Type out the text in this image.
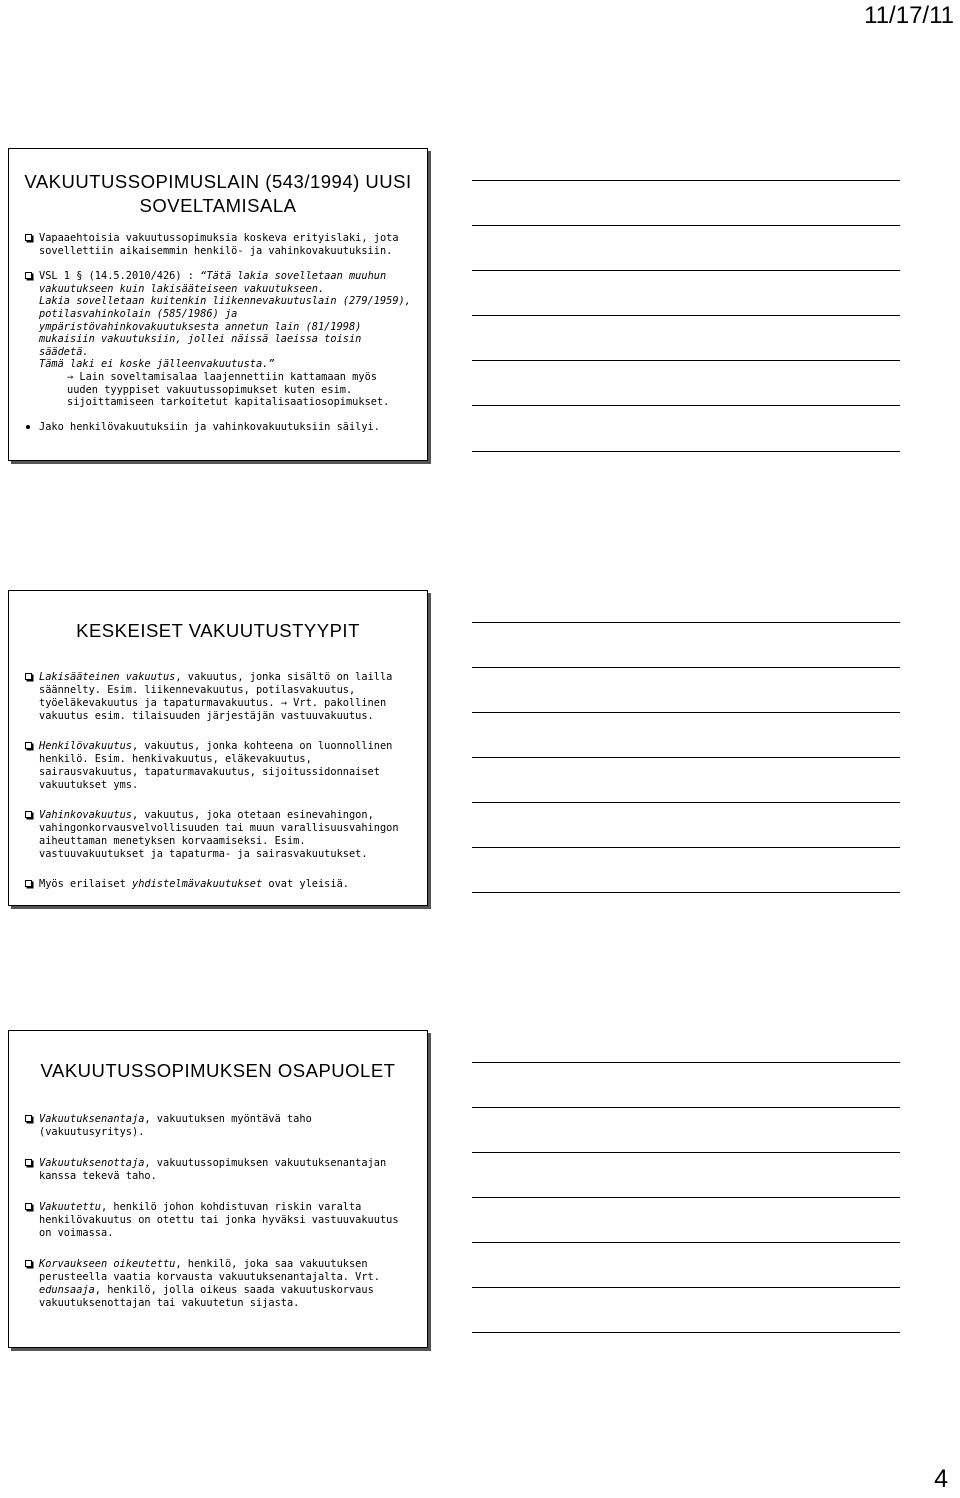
11/17/11
VAKUUTUSSOPIMUSLAIN (543/1994) UUSI SOVELTAMISALA
Vapaaehtoisia vakuutussopimuksia koskeva erityislaki, jota sovellettiin aikaisemmin henkilö- ja vahinkovakuutuksiin.
VSL 1 § (14.5.2010/426) : “Tätä lakia sovelletaan muuhun vakuutukseen kuin lakisääteiseen vakuutukseen.
Lakia sovelletaan kuitenkin liikennevakuutuslain (279/1959), potilasvahinkolain (585/1986) ja ympäristövahinkovakuutuksesta annetun lain (81/1998) mukaisiin vakuutuksiin, jollei näissä laeissa toisin säädetä.
Tämä laki ei koske jälleenvakuutusta.”
→ Lain soveltamisalaa laajennettiin kattamaan myös uuden tyyppiset vakuutussopimukset kuten esim. sijoittamiseen tarkoitetut kapitalisaatiosopimukset.
Jako henkilövakuutuksiin ja vahinkovakuutuksiin säilyi.
KESKEISET VAKUUTUSTYYPIT
Lakisääteinen vakuutus, vakuutus, jonka sisältö on lailla säännelty. Esim. liikennevakuutus, potilasvakuutus, työeläkevakuutus ja tapaturmavakuutus. → Vrt. pakollinen vakuutus esim. tilaisuuden järjestäjän vastuuvakuutus.
Henkilövakuutus, vakuutus, jonka kohteena on luonnollinen henkilö. Esim. henkivakuutus, eläkevakuutus, sairausvakuutus, tapaturmavakuutus, sijoitussidonnaiset vakuutukset yms.
Vahinkovakuutus, vakuutus, joka otetaan esinevahingon, vahingonkorvausvelvollisuuden tai muun varallisuusvahingon aiheuttaman menetyksen korvaamiseksi. Esim. vastuuvakuutukset ja tapaturma- ja sairasvakuutukset.
Myös erilaiset yhdistelmävakuutukset ovat yleisiä.
VAKUUTUSSOPIMUKSEN OSAPUOLET
Vakuutuksenantaja, vakuutuksen myöntävä taho (vakuutusyritys).
Vakuutuksenottaja, vakuutussopimuksen vakuutuksenantajan kanssa tekevä taho.
Vakuutettu, henkilö johon kohdistuvan riskin varalta henkilövakuutus on otettu tai jonka hyväksi vastuuvakuutus on voimassa.
Korvaukseen oikeutettu, henkilö, joka saa vakuutuksen perusteella vaatia korvausta vakuutuksenantajalta. Vrt. edunsaaja, henkilö, jolla oikeus saada vakuutuskorvaus vakuutuksenottajan tai vakuutetun sijasta.
4
